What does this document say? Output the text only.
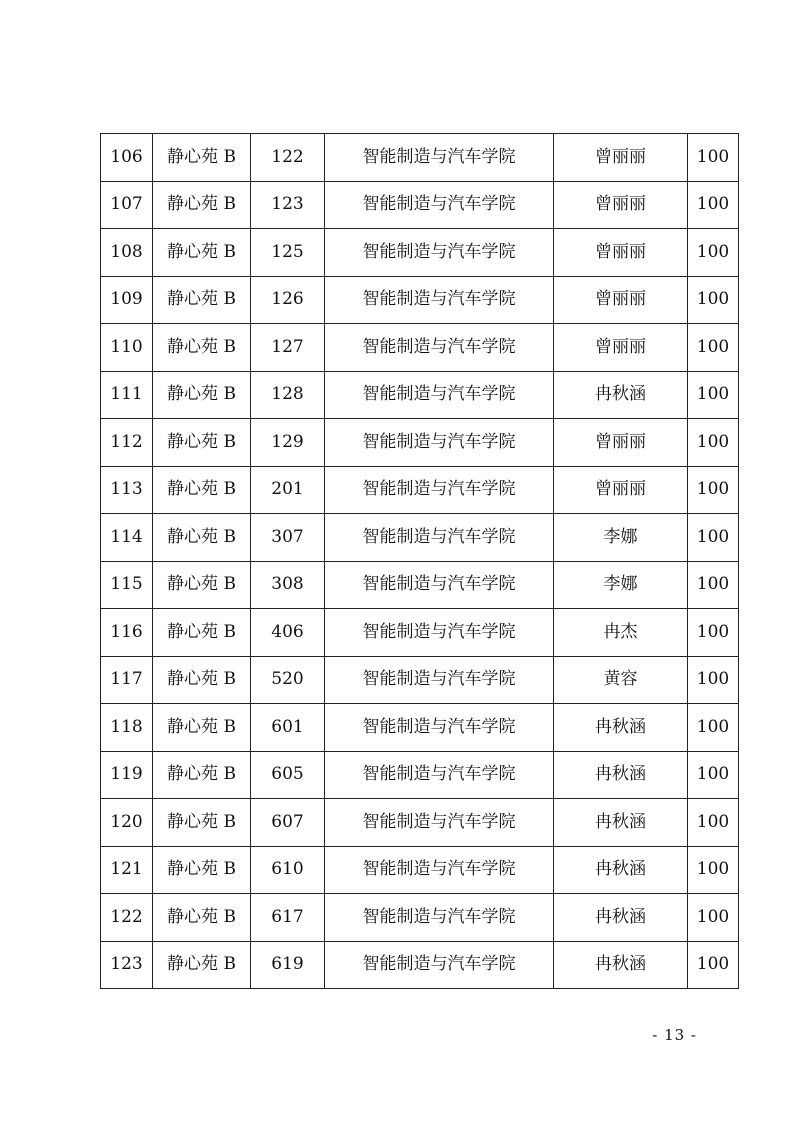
106	静心苑 B	122	智能制造与汽车学院	曾丽丽	100
107	静心苑 B	123	智能制造与汽车学院	曾丽丽	100
108	静心苑 B	125	智能制造与汽车学院	曾丽丽	100
109	静心苑 B	126	智能制造与汽车学院	曾丽丽	100
110	静心苑 B	127	智能制造与汽车学院	曾丽丽	100
111	静心苑 B	128	智能制造与汽车学院	冉秋涵	100
112	静心苑 B	129	智能制造与汽车学院	曾丽丽	100
113	静心苑 B	201	智能制造与汽车学院	曾丽丽	100
114	静心苑 B	307	智能制造与汽车学院	李娜	100
115	静心苑 B	308	智能制造与汽车学院	李娜	100
116	静心苑 B	406	智能制造与汽车学院	冉杰	100
117	静心苑 B	520	智能制造与汽车学院	黄容	100
118	静心苑 B	601	智能制造与汽车学院	冉秋涵	100
119	静心苑 B	605	智能制造与汽车学院	冉秋涵	100
120	静心苑 B	607	智能制造与汽车学院	冉秋涵	100
121	静心苑 B	610	智能制造与汽车学院	冉秋涵	100
122	静心苑 B	617	智能制造与汽车学院	冉秋涵	100
123	静心苑 B	619	智能制造与汽车学院	冉秋涵	100
- 13 -
